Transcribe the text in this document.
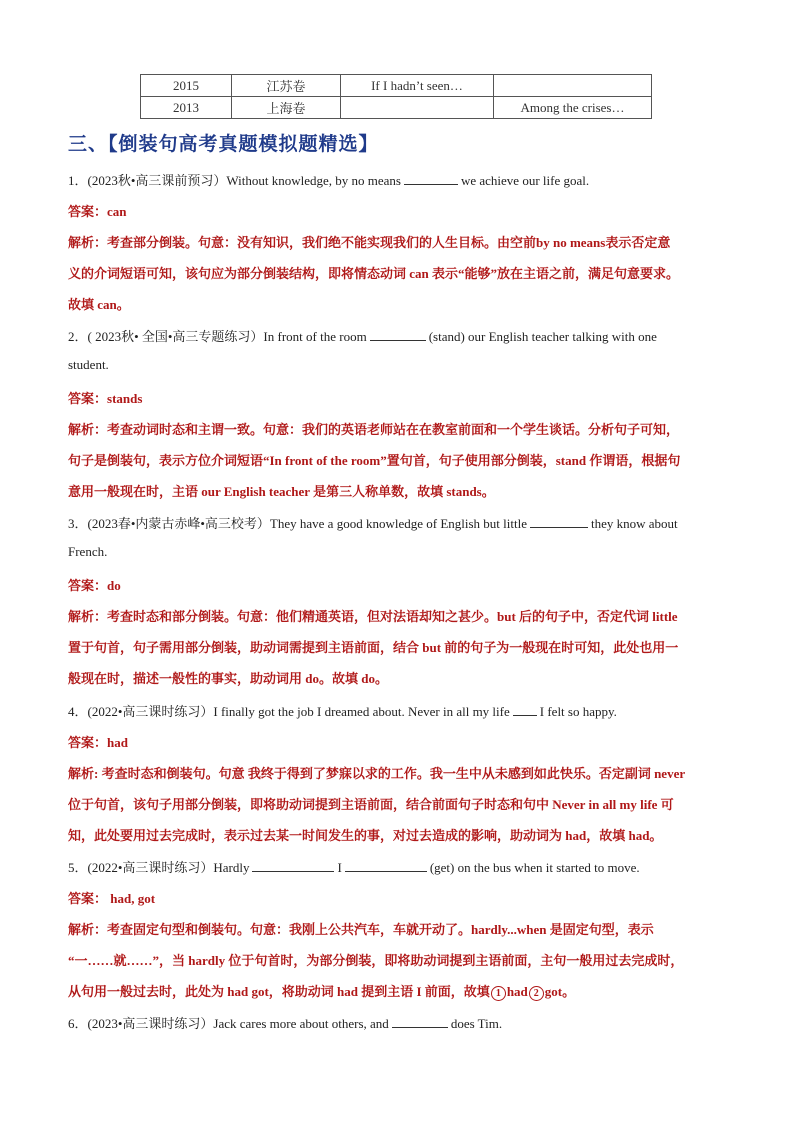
2015	江苏卷	If I hadn’t seen…	
2013	上海卷		Among the crises…
三、【倒装句高考真题模拟题精选】
1．(2023秋•高三课前预习）Without knowledge, by no means	we achieve our life goal.
答案：can
解析：考查部分倒装。句意：没有知识，我们绝不能实现我们的人生目标。由空前by no means表示否定意
义的介词短语可知，该句应为部分倒装结构，即将情态动词 can 表示“能够”放在主语之前，满足句意要求。
故填 can。
2．( 2023秋• 全国•高三专题练习）In front of the room	(stand) our English teacher talking with one
student.
答案：stands
解析：考查动词时态和主谓一致。句意：我们的英语老师站在在教室前面和一个学生谈话。分析句子可知，
句子是倒装句，表示方位介词短语“In front of the room”置句首，句子使用部分倒装，stand 作谓语，根据句
意用一般现在时，主语 our English teacher 是第三人称单数，故填 stands。
3．(2023春•内蒙古赤峰•高三校考）They have a good knowledge of English but little	they know about
French.
答案：do
解析：考查时态和部分倒装。句意：他们精通英语，但对法语却知之甚少。but 后的句子中，否定代词 little
置于句首，句子需用部分倒装，助动词需提到主语前面，结合 but 前的句子为一般现在时可知，此处也用一
般现在时，描述一般性的事实，助动词用 do。故填 do。
4．(2022•高三课时练习）I finally got the job I dreamed about. Never in all my life I felt so happy.
答案：had
解析: 考查时态和倒装句。句意 我终于得到了梦寐以求的工作。我一生中从未感到如此快乐。否定副词 never
位于句首，该句子用部分倒装，即将助动词提到主语前面，结合前面句子时态和句中 Never in all my life 可
知，此处要用过去完成时，表示过去某一时间发生的事，对过去造成的影响，助动词为 had，故填 had。
5．(2022•高三课时练习）Hardly	I	(get) on the bus when it started to move.
答案： had, got
解析：考查固定句型和倒装句。句意：我刚上公共汽车，车就开动了。hardly...when 是固定句型，表示
“一……就……”，当 hardly 位于句首时，为部分倒装，即将助动词提到主语前面，主句一般用过去完成时，
从句用一般过去时，此处为 had got，将助动词 had 提到主语 I 前面，故填 1 had 2 got。
6．(2023•高三课时练习）Jack cares more about others, and	does Tim.
